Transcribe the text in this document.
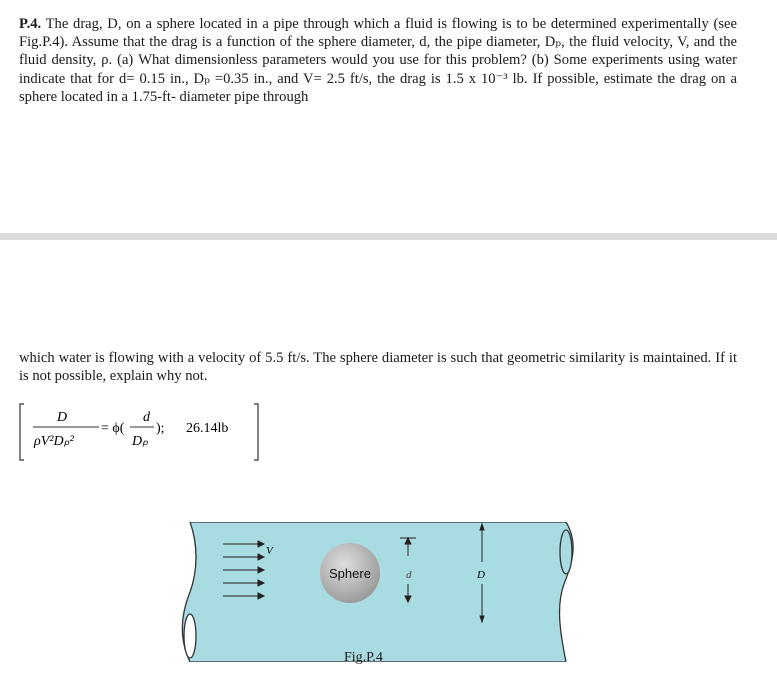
P.4. The drag, D, on a sphere located in a pipe through which a fluid is flowing is to be determined experimentally (see Fig.P.4). Assume that the drag is a function of the sphere diameter, d, the pipe diameter, Dₚ, the fluid velocity, V, and the fluid density, ρ. (a) What dimensionless parameters would you use for this problem? (b) Some experiments using water indicate that for d= 0.15 in., Dₚ =0.35 in., and V= 2.5 ft/s, the drag is 1.5 x 10⁻³ lb. If possible, estimate the drag on a sphere located in a 1.75-ft- diameter pipe through
which water is flowing with a velocity of 5.5 ft/s. The sphere diameter is such that geometric similarity is maintained. If it is not possible, explain why not.
D
ρV²Dₚ²
= ϕ(
d
Dₚ
); 26.14lb
V
Sphere	d	D
Fig.P.4
